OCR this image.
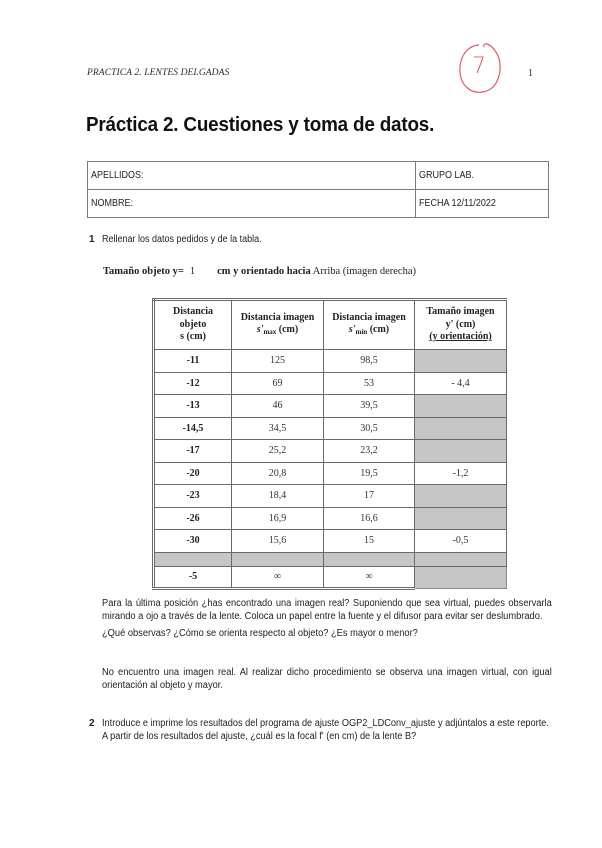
PRACTICA 2. LENTES DELGADAS	7	1
Práctica 2. Cuestiones y toma de datos.
APELLIDOS:	GRUPO LAB.
NOMBRE:	FECHA 12/11/2022
1 Rellenar los datos pedidos y de la tabla.
Tamaño objeto y= 1 cm y orientado hacia Arriba (imagen derecha)
Distancia
objeto
s (cm)

Distancia imagen
$s'_{max}$ (cm)

Distancia imagen
$s'_{mín}$ (cm)

Tamaño imagen
y' (cm)
(y orientación)

-11	125	98,5	
-12	69	53	- 4,4
-13	46	39,5	
-14,5	34,5	30,5	
-17	25,2	23,2	
-20	20,8	19,5	-1,2
-23	18,4	17	
-26	16,9	16,6	
-30	15,6	15	-0,5

-5	∞	∞	
Para la última posición ¿has encontrado una imagen real? Suponiendo que sea virtual, puedes observarla mirando a ojo a través de la lente. Coloca un papel entre la fuente y el difusor para evitar ser deslumbrado.
¿Qué observas? ¿Cómo se orienta respecto al objeto? ¿Es mayor o menor?
No encuentro una imagen real. Al realizar dicho procedimiento se observa una imagen virtual, con igual orientación al objeto y mayor.
2 Introduce e imprime los resultados del programa de ajuste OGP2_LDConv_ajuste y adjúntalos a este reporte. A partir de los resultados del ajuste, ¿cuál es la focal f' (en cm) de la lente B?
